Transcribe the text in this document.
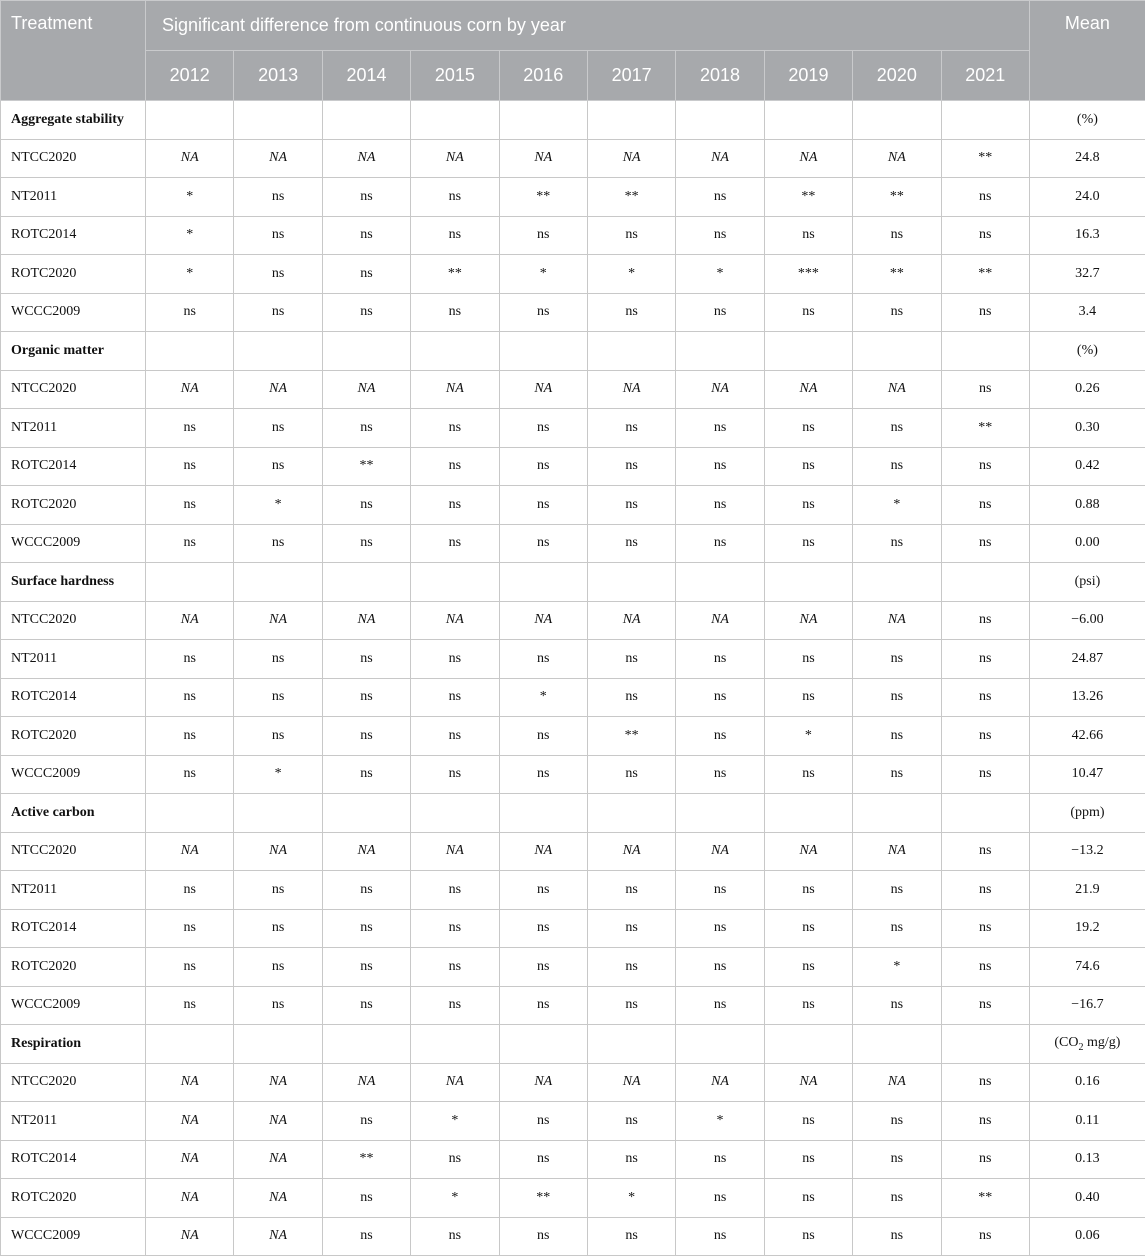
Treatment	Significant difference from continuous corn by year										Mean
	2012	2013	2014	2015	2016	2017	2018	2019	2020	2021	
Aggregate stability											(%)
NTCC2020	NA	NA	NA	NA	NA	NA	NA	NA	NA	**	24.8
NT2011	*	ns	ns	ns	**	**	ns	**	**	ns	24.0
ROTC2014	*	ns	ns	ns	ns	ns	ns	ns	ns	ns	16.3
ROTC2020	*	ns	ns	**	*	*	*	***	**	**	32.7
WCCC2009	ns	ns	ns	ns	ns	ns	ns	ns	ns	ns	3.4
Organic matter											(%)
NTCC2020	NA	NA	NA	NA	NA	NA	NA	NA	NA	ns	0.26
NT2011	ns	ns	ns	ns	ns	ns	ns	ns	ns	**	0.30
ROTC2014	ns	ns	**	ns	ns	ns	ns	ns	ns	ns	0.42
ROTC2020	ns	*	ns	ns	ns	ns	ns	ns	*	ns	0.88
WCCC2009	ns	ns	ns	ns	ns	ns	ns	ns	ns	ns	0.00
Surface hardness											(psi)
NTCC2020	NA	NA	NA	NA	NA	NA	NA	NA	NA	ns	−6.00
NT2011	ns	ns	ns	ns	ns	ns	ns	ns	ns	ns	24.87
ROTC2014	ns	ns	ns	ns	*	ns	ns	ns	ns	ns	13.26
ROTC2020	ns	ns	ns	ns	ns	**	ns	*	ns	ns	42.66
WCCC2009	ns	*	ns	ns	ns	ns	ns	ns	ns	ns	10.47
Active carbon											(ppm)
NTCC2020	NA	NA	NA	NA	NA	NA	NA	NA	NA	ns	−13.2
NT2011	ns	ns	ns	ns	ns	ns	ns	ns	ns	ns	21.9
ROTC2014	ns	ns	ns	ns	ns	ns	ns	ns	ns	ns	19.2
ROTC2020	ns	ns	ns	ns	ns	ns	ns	ns	*	ns	74.6
WCCC2009	ns	ns	ns	ns	ns	ns	ns	ns	ns	ns	−16.7
Respiration											($CO_2$ mg/g)
NTCC2020	NA	NA	NA	NA	NA	NA	NA	NA	NA	ns	0.16
NT2011	NA	NA	ns	*	ns	ns	*	ns	ns	ns	0.11
ROTC2014	NA	NA	**	ns	ns	ns	ns	ns	ns	ns	0.13
ROTC2020	NA	NA	ns	*	**	*	ns	ns	ns	**	0.40
WCCC2009	NA	NA	ns	ns	ns	ns	ns	ns	ns	ns	0.06
